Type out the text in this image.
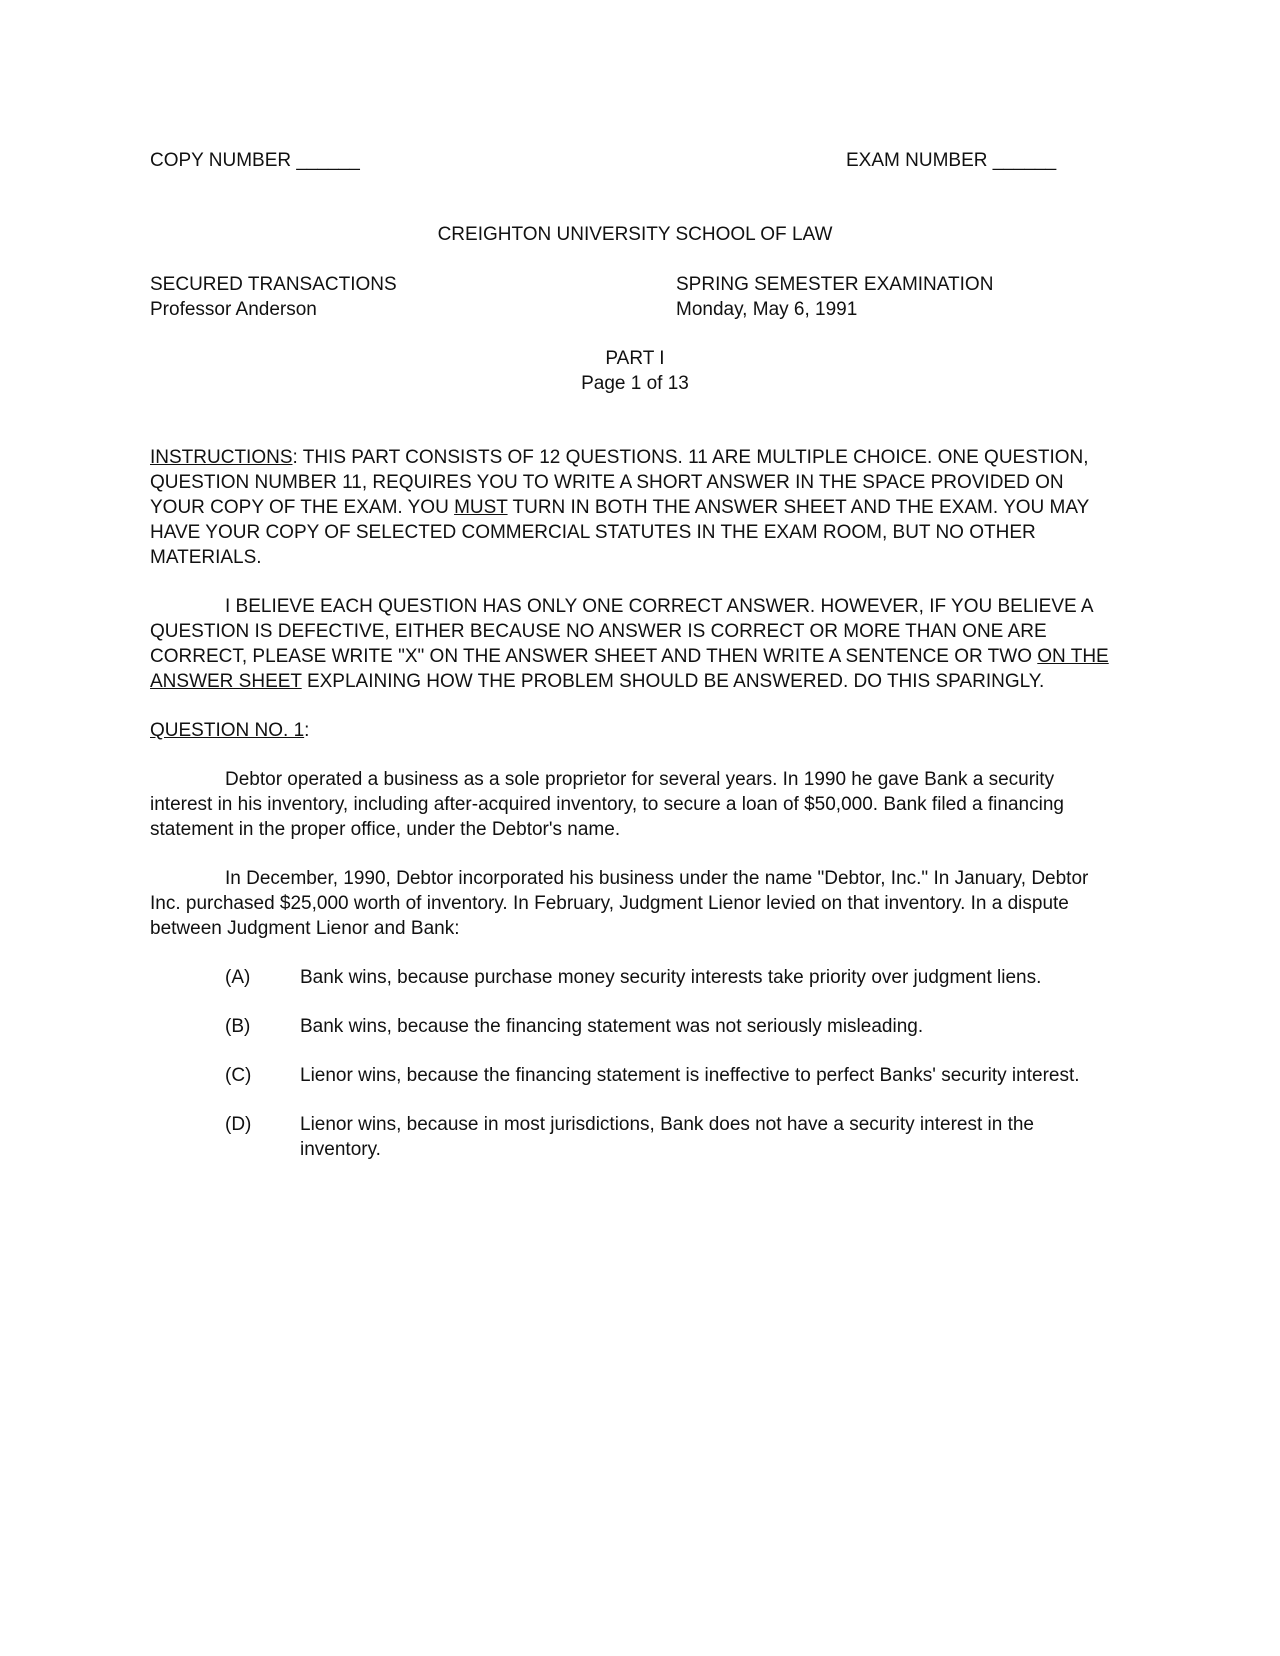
COPY NUMBER ______	EXAM NUMBER ______
CREIGHTON UNIVERSITY SCHOOL OF LAW
SECURED TRANSACTIONS
Professor Anderson
SPRING SEMESTER EXAMINATION
Monday, May 6, 1991
PART I
Page 1 of 13
INSTRUCTIONS: THIS PART CONSISTS OF 12 QUESTIONS. 11 ARE MULTIPLE CHOICE. ONE QUESTION, QUESTION NUMBER 11, REQUIRES YOU TO WRITE A SHORT ANSWER IN THE SPACE PROVIDED ON YOUR COPY OF THE EXAM. YOU MUST TURN IN BOTH THE ANSWER SHEET AND THE EXAM. YOU MAY HAVE YOUR COPY OF SELECTED COMMERCIAL STATUTES IN THE EXAM ROOM, BUT NO OTHER MATERIALS.
I BELIEVE EACH QUESTION HAS ONLY ONE CORRECT ANSWER. HOWEVER, IF YOU BELIEVE A QUESTION IS DEFECTIVE, EITHER BECAUSE NO ANSWER IS CORRECT OR MORE THAN ONE ARE CORRECT, PLEASE WRITE "X" ON THE ANSWER SHEET AND THEN WRITE A SENTENCE OR TWO ON THE ANSWER SHEET EXPLAINING HOW THE PROBLEM SHOULD BE ANSWERED. DO THIS SPARINGLY.
QUESTION NO. 1:
Debtor operated a business as a sole proprietor for several years. In 1990 he gave Bank a security interest in his inventory, including after-acquired inventory, to secure a loan of $50,000. Bank filed a financing statement in the proper office, under the Debtor's name.
In December, 1990, Debtor incorporated his business under the name "Debtor, Inc." In January, Debtor Inc. purchased $25,000 worth of inventory. In February, Judgment Lienor levied on that inventory. In a dispute between Judgment Lienor and Bank:
(A)	Bank wins, because purchase money security interests take priority over judgment liens.
(B)	Bank wins, because the financing statement was not seriously misleading.
(C)	Lienor wins, because the financing statement is ineffective to perfect Banks' security interest.
(D)	Lienor wins, because in most jurisdictions, Bank does not have a security interest in the inventory.
